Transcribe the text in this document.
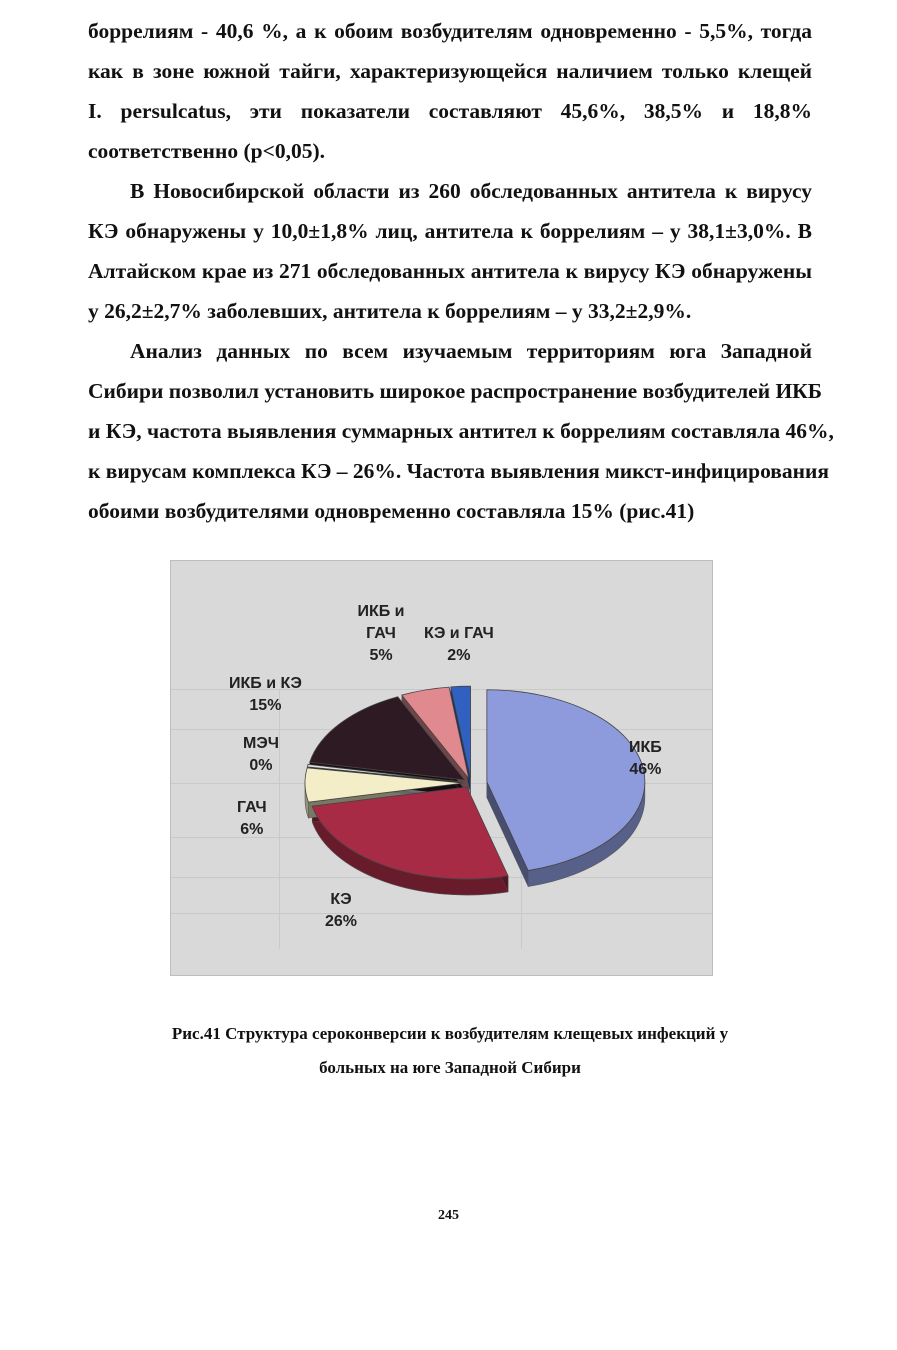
боррелиям - 40,6 %, а к обоим возбудителям одновременно - 5,5%, тогда
как в зоне южной тайги, характеризующейся наличием только клещей
I. persulcatus, эти показатели составляют 45,6%, 38,5% и 18,8%
соответственно (p<0,05).
В Новосибирской области из 260 обследованных антитела к вирусу
КЭ обнаружены у 10,0±1,8% лиц, антитела к боррелиям – у 38,1±3,0%. В
Алтайском крае из 271 обследованных антитела к вирусу КЭ обнаружены
у 26,2±2,7% заболевших, антитела к боррелиям – у 33,2±2,9%.
Анализ данных по всем изучаемым территориям юга Западной
Сибири позволил установить широкое распространение возбудителей ИКБ
и КЭ, частота выявления суммарных антител к боррелиям составляла 46%,
к вирусам комплекса КЭ – 26%. Частота выявления микст-инфицирования
обоими возбудителями одновременно составляла 15% (рис.41)
ИКБ и ГАЧ
5%
КЭ и ГАЧ
2%
ИКБ и КЭ
15%
МЭЧ
0%
ГАЧ
6%
КЭ
26%
ИКБ
46%
Рис.41 Структура сероконверсии к возбудителям клещевых инфекций у
больных на юге Западной Сибири
245
